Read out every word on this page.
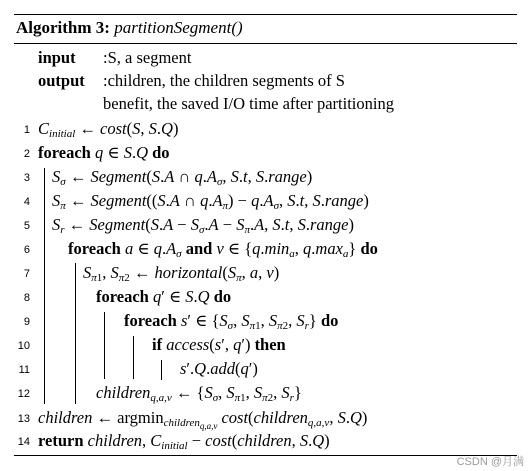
Algorithm 3: partitionSegment()
input :S, a segment
output :children, the children segments of S
benefit, the saved I/O time after partitioning
1 $C_{initial}$ ← cost(S, S.Q)
2 foreach q ∈ S.Q do
3 $S_\sigma$ ← Segment(S.A ∩ $q.A_\sigma$, S.t, S.range)
4 $S_\pi$ ← Segment((S.A ∩ $q.A_\pi) - q.A_\sigma$, S.t, S.range)
5 $S_r$ ← Segment(S.A − $S_\sigma.A - S_\pi.A$, S.t, S.range)
6 foreach a ∈ $q.A_\sigma$ and v ∈ {$q.\min_a$, $q.\max_a$} do
7	$S_{\pi 1}$, $S_{\pi 2}$ ← $horizontal(S_\pi$, a, v)
8	foreach q′ ∈ S.Q do
9	foreach s′ ∈ {$S_\sigma$, $S_{\pi 1}$, $S_{\pi 2}$, $S_r$} do
10	if access(s′, q′) then
11	s′.Q.add(q′)
12	children$_{q,a,v}$ ← {$S_\sigma$, $S_{\pi 1}$, $S_{\pi 2}$, $S_r$}
13 children ← argmin$_{children_{q,a,v}}$ cost(children$_{q,a,v}$, S.Q)
14 return children, $C_{initial}$ − cost(children, S.Q)
CSDN @月满
